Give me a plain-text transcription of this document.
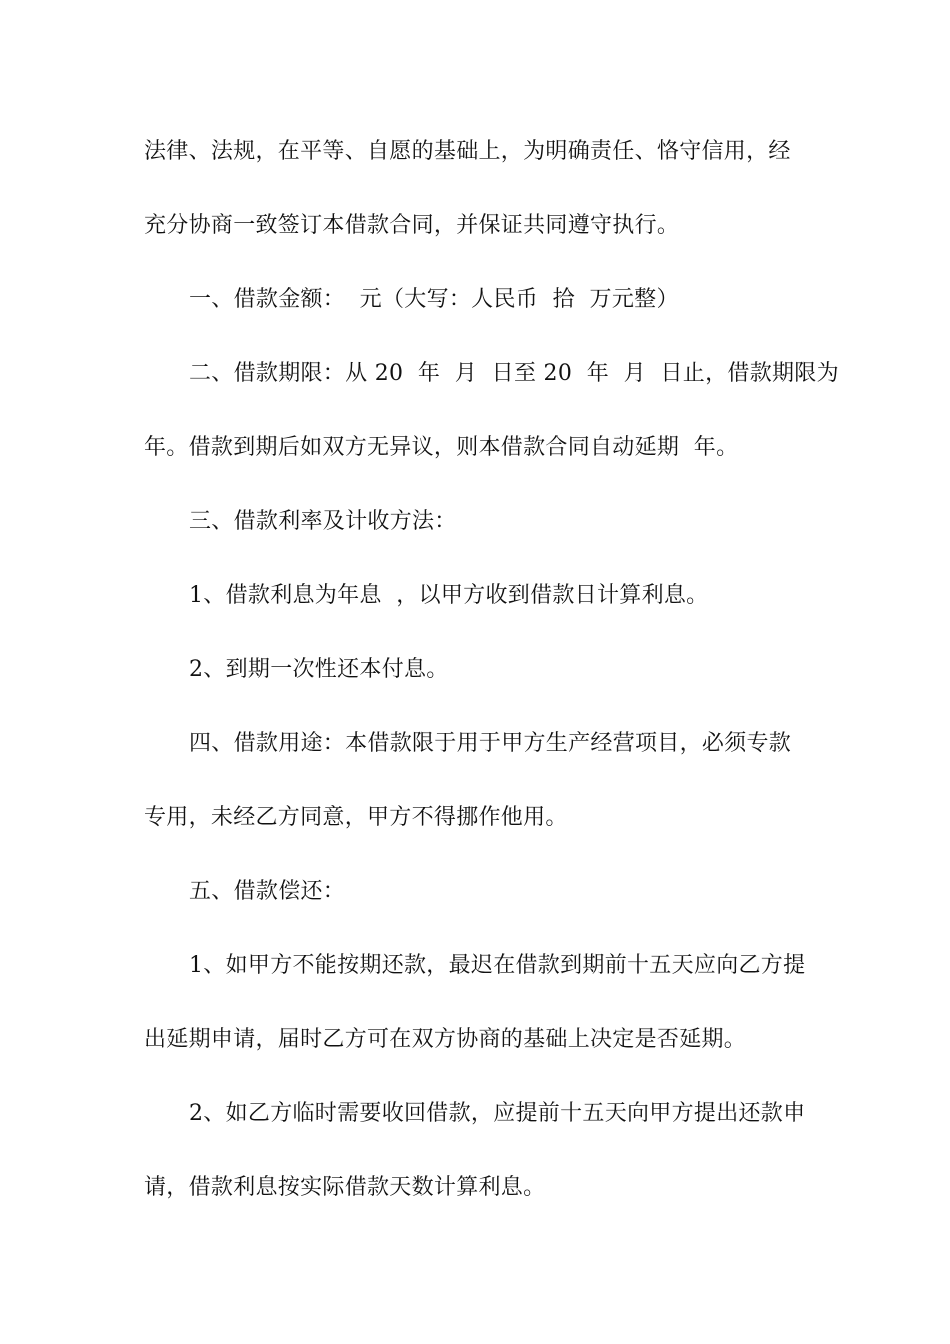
法律、法规，在平等、自愿的基础上，为明确责任、恪守信用，经
充分协商一致签订本借款合同，并保证共同遵守执行。
一、借款金额：  元（大写：人民币  拾  万元整）
二、借款期限：从 20  年  月  日至 20  年  月  日止，借款期限为
年。借款到期后如双方无异议，则本借款合同自动延期  年。
三、借款利率及计收方法：
1、借款利息为年息  ，以甲方收到借款日计算利息。
2、到期一次性还本付息。
四、借款用途：本借款限于用于甲方生产经营项目，必须专款
专用，未经乙方同意，甲方不得挪作他用。
五、借款偿还：
1、如甲方不能按期还款，最迟在借款到期前十五天应向乙方提
出延期申请，届时乙方可在双方协商的基础上决定是否延期。
2、如乙方临时需要收回借款，应提前十五天向甲方提出还款申
请，借款利息按实际借款天数计算利息。
